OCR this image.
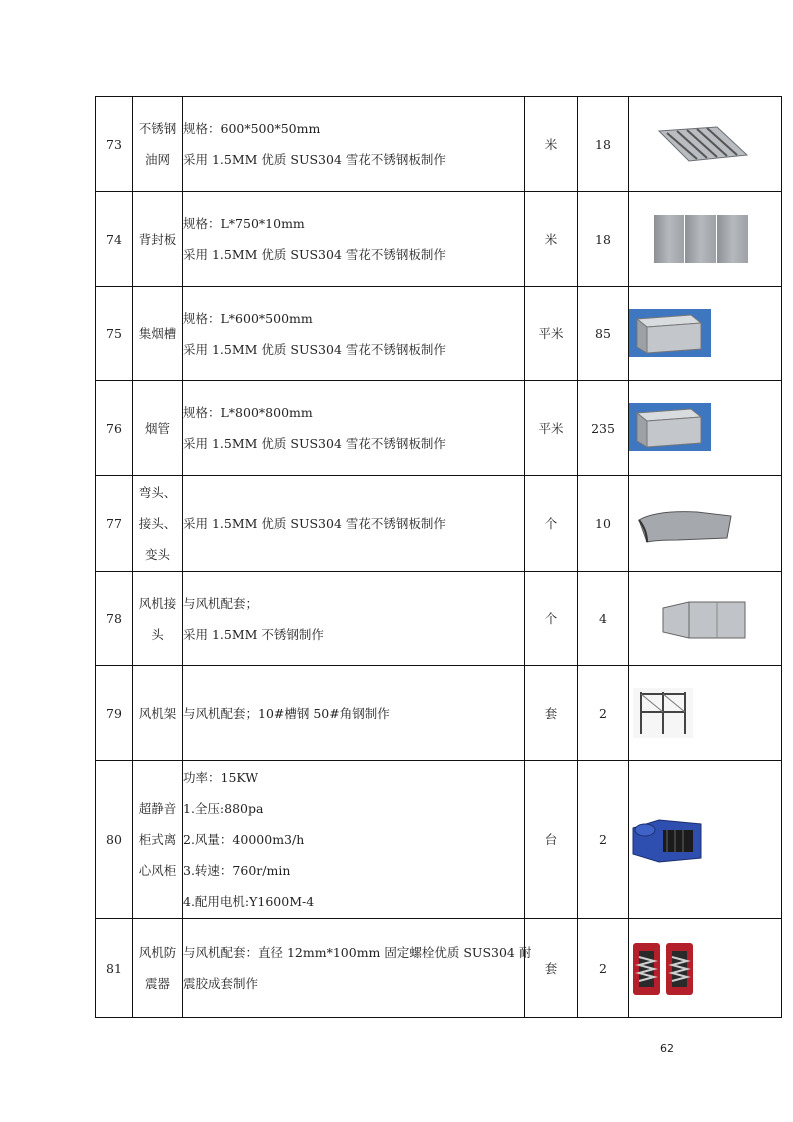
73	不锈钢
油网	规格：600*500*50mm
采用 1.5MM 优质 SUS304 雪花不锈钢板制作	米	18	

74	背封板	规格：L*750*10mm
采用 1.5MM 优质 SUS304 雪花不锈钢板制作	米	18	

75	集烟槽	规格：L*600*500mm
采用 1.5MM 优质 SUS304 雪花不锈钢板制作	平米	85	

76	烟管	规格：L*800*800mm
采用 1.5MM 优质 SUS304 雪花不锈钢板制作	平米	235	

77	弯头、
接头、
变头	采用 1.5MM 优质 SUS304 雪花不锈钢板制作	个	10	

78	风机接
头	与风机配套；
采用 1.5MM 不锈钢制作	个	4	

79	风机架	与风机配套；10#槽钢 50#角钢制作	套	2	

80	超静音
柜式离
心风柜	功率：15KW
1.全压:880pa
2.风量：40000m3/h
3.转速：760r/min
4.配用电机:Y1600M-4	台	2	

81	风机防
震器	与风机配套：直径 12mm*100mm 固定螺栓优质 SUS304 耐
震胶成套制作	套	2	
62
